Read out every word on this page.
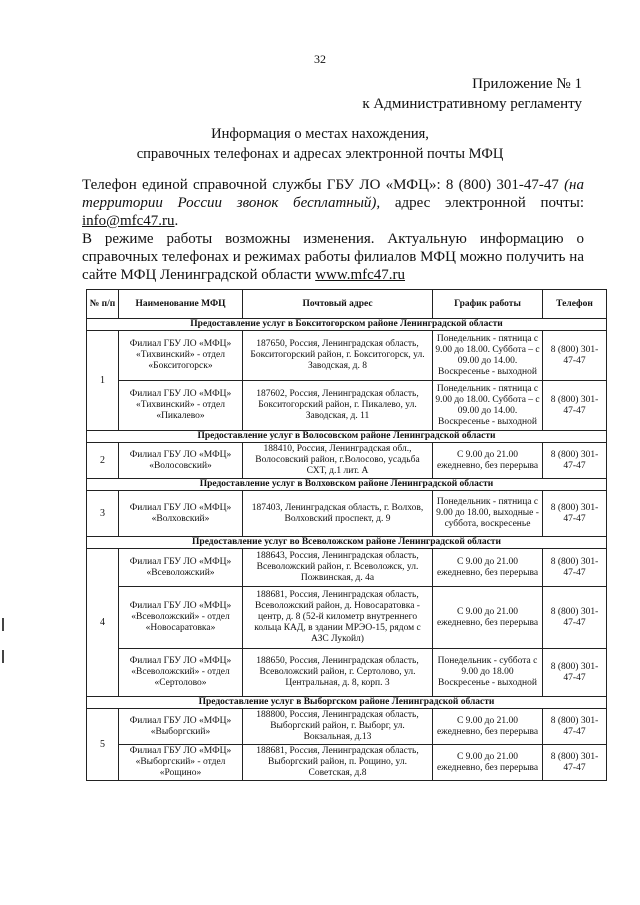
32
Приложение № 1
к Административному регламенту
Информация о местах нахождения,
справочных телефонах и адресах электронной почты МФЦ

Телефон единой справочной службы ГБУ ЛО «МФЦ»: 8 (800) 301-47-47 (на территории России звонок бесплатный), адрес электронной почты: info@mfc47.ru.

В режиме работы возможны изменения. Актуальную информацию о справочных телефонах и режимах работы филиалов МФЦ можно получить на сайте МФЦ Ленинградской области www.mfc47.ru

№ п/п	Наименование МФЦ	Почтовый адрес	График работы	Телефон
Предоставление услуг в Бокситогорском районе Ленинградской области				
1	Филиал ГБУ ЛО «МФЦ» «Тихвинский» - отдел «Бокситогорск»	187650, Россия, Ленинградская область, Бокситогорский район, г. Бокситогорск, ул. Заводская, д. 8	Понедельник - пятница с 9.00 до 18.00. Суббота – с 09.00 до 14.00. Воскресенье - выходной	8 (800) 301-47-47
	Филиал ГБУ ЛО «МФЦ» «Тихвинский» - отдел «Пикалево»	187602, Россия, Ленинградская область, Бокситогорский район, г. Пикалево, ул. Заводская, д. 11	Понедельник - пятница с 9.00 до 18.00. Суббота – с 09.00 до 14.00. Воскресенье - выходной	8 (800) 301-47-47
Предоставление услуг в Волосовском районе Ленинградской области				
2	Филиал ГБУ ЛО «МФЦ» «Волосовский»	188410, Россия, Ленинградская обл., Волосовский район, г.Волосово, усадьба СХТ, д.1 лит. А	С 9.00 до 21.00 ежедневно, без перерыва	8 (800) 301-47-47
Предоставление услуг в Волховском районе Ленинградской области				
3	Филиал ГБУ ЛО «МФЦ» «Волховский»	187403, Ленинградская область, г. Волхов, Волховский проспект, д. 9	Понедельник - пятница с 9.00 до 18.00, выходные - суббота, воскресенье	8 (800) 301-47-47
Предоставление услуг во Всеволожском районе Ленинградской области				
4	Филиал ГБУ ЛО «МФЦ» «Всеволожский»	188643, Россия, Ленинградская область, Всеволожский район, г. Всеволожск, ул. Пожвинская, д. 4а	С 9.00 до 21.00 ежедневно, без перерыва	8 (800) 301-47-47
	Филиал ГБУ ЛО «МФЦ» «Всеволожский» - отдел «Новосаратовка»	188681, Россия, Ленинградская область, Всеволожский район, д. Новосаратовка - центр, д. 8 (52-й километр внутреннего кольца КАД, в здании МРЭО-15, рядом с АЗС Лукойл)	С 9.00 до 21.00 ежедневно, без перерыва	8 (800) 301-47-47
	Филиал ГБУ ЛО «МФЦ» «Всеволожский» - отдел «Сертолово»	188650, Россия, Ленинградская область, Всеволожский район, г. Сертолово, ул. Центральная, д. 8, корп. 3	Понедельник - суббота с 9.00 до 18.00 Воскресенье - выходной	8 (800) 301-47-47
Предоставление услуг в Выборгском районе Ленинградской области				
5	Филиал ГБУ ЛО «МФЦ» «Выборгский»	188800, Россия, Ленинградская область, Выборгский район, г. Выборг, ул. Вокзальная, д.13	С 9.00 до 21.00 ежедневно, без перерыва	8 (800) 301-47-47
	Филиал ГБУ ЛО «МФЦ» «Выборгский» - отдел «Рощино»	188681, Россия, Ленинградская область, Выборгский район, п. Рощино, ул. Советская, д.8	С 9.00 до 21.00 ежедневно, без перерыва	8 (800) 301-47-47
